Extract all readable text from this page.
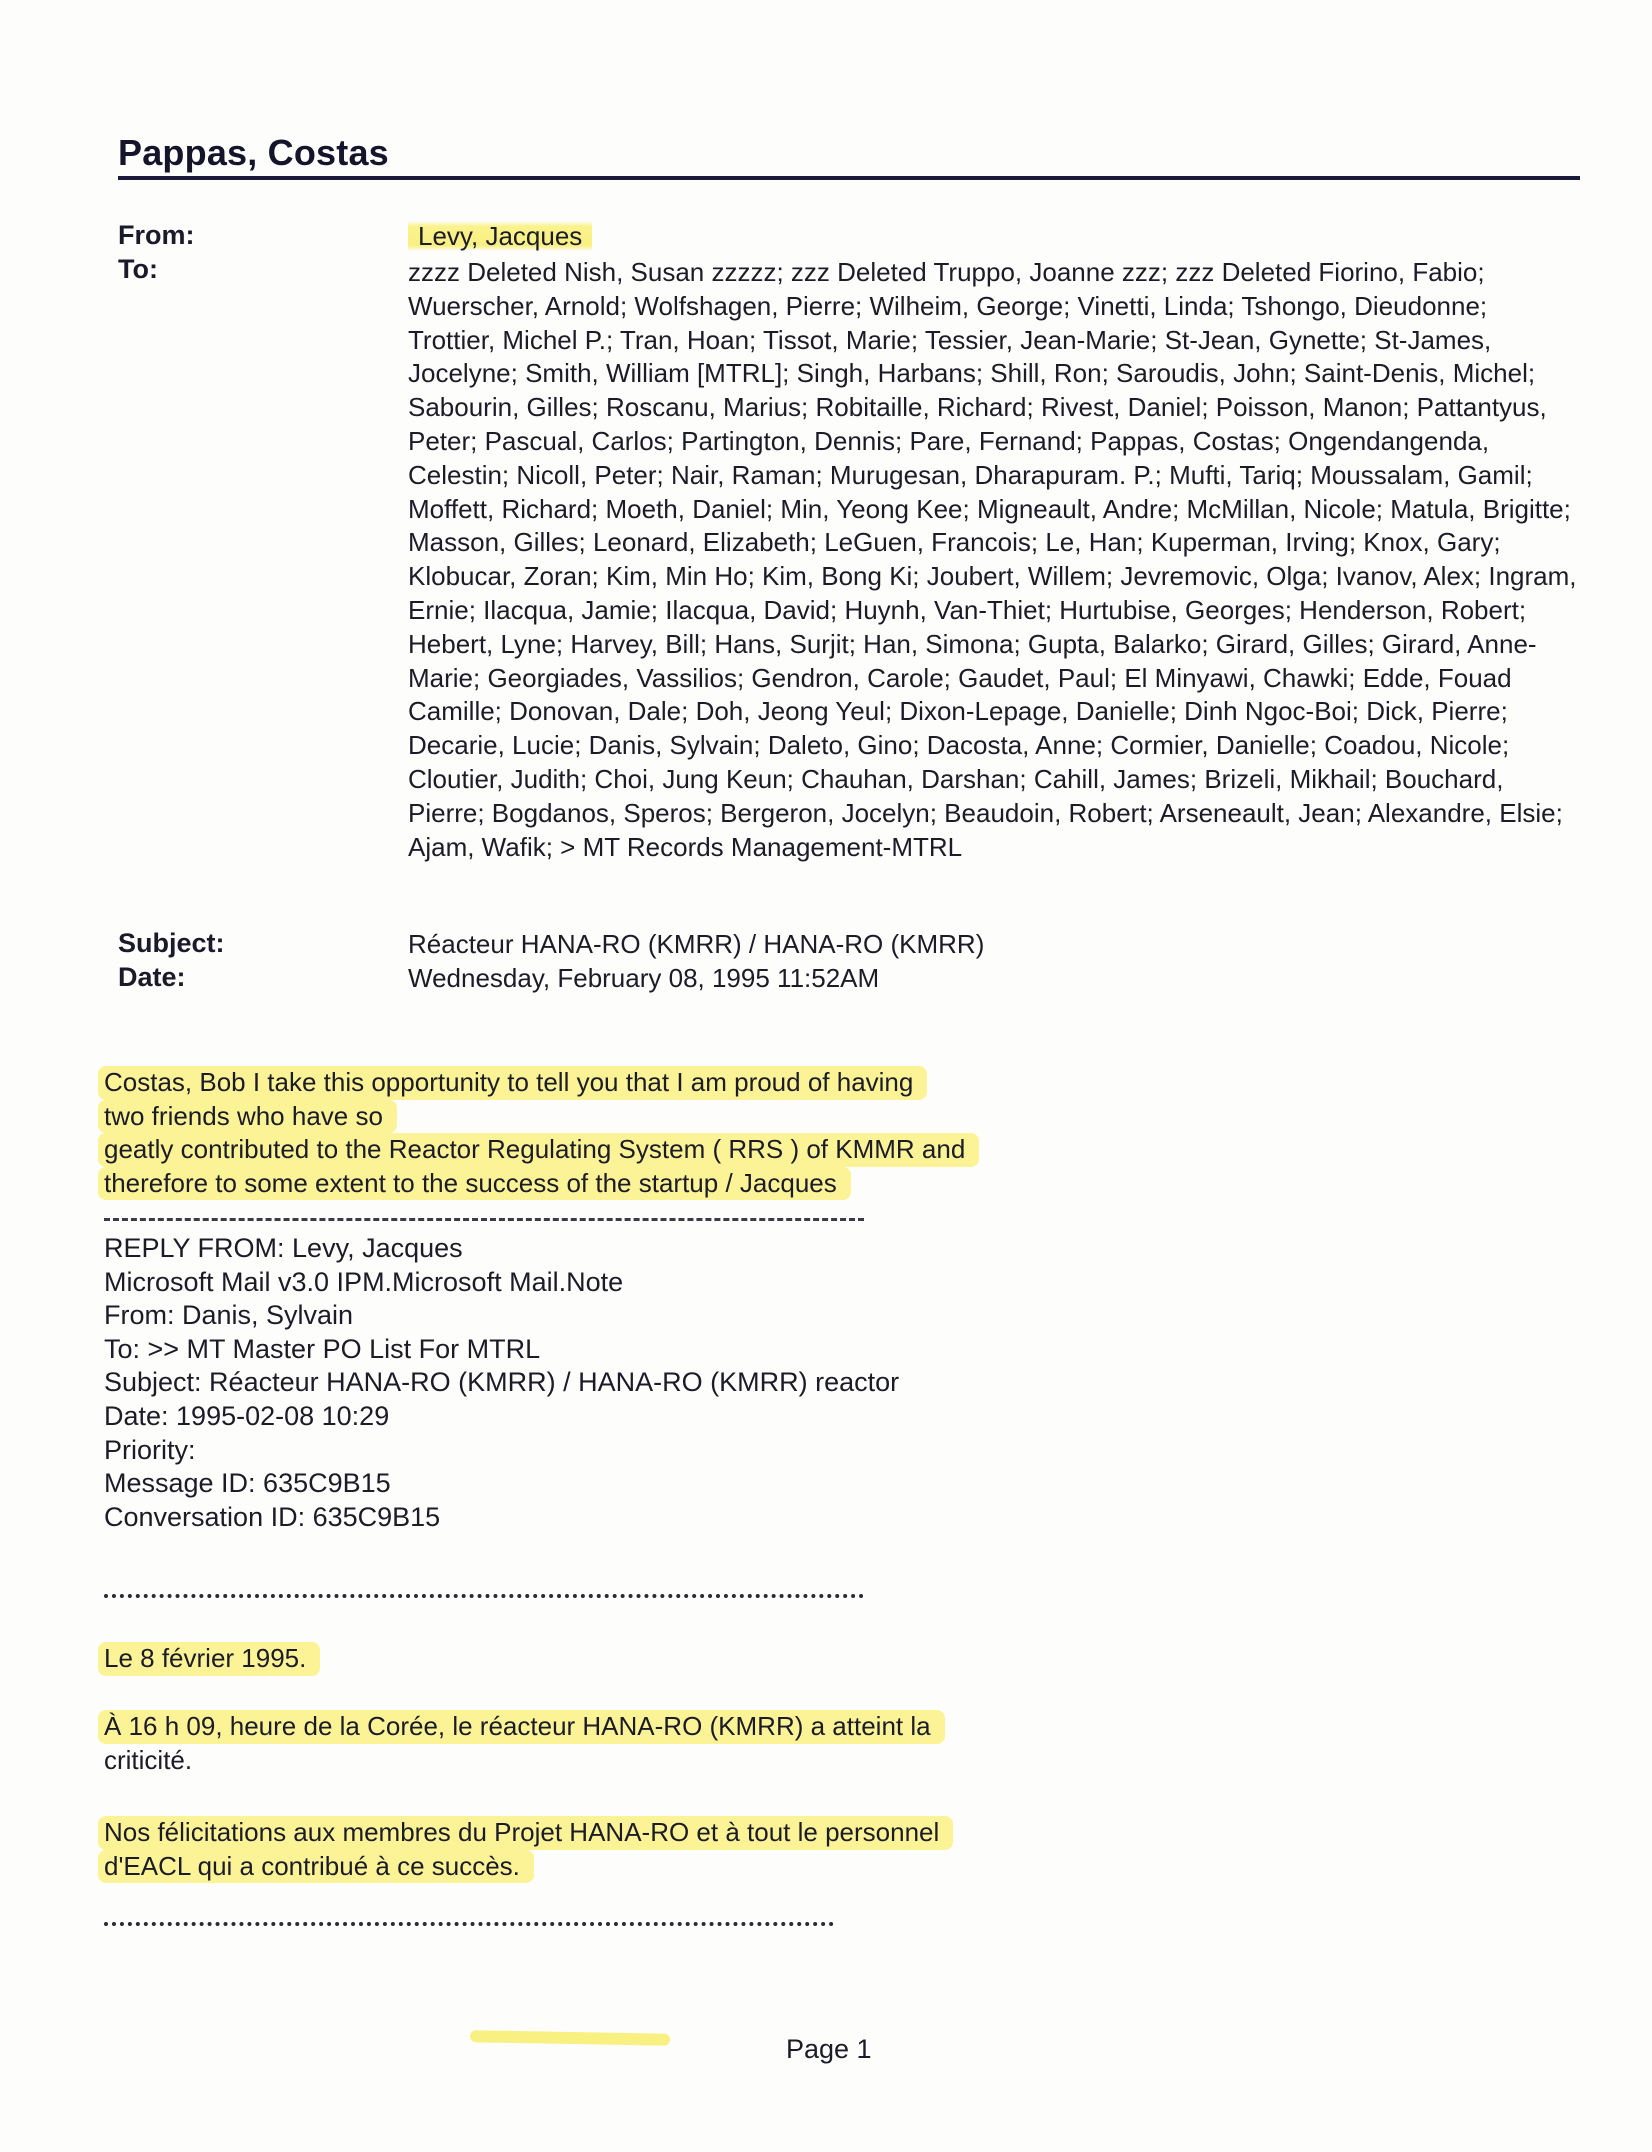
Pappas, Costas
From:	Levy, Jacques
To:	zzzz Deleted Nish, Susan zzzzz; zzz Deleted Truppo, Joanne zzz; zzz Deleted Fiorino, Fabio; Wuerscher, Arnold; Wolfshagen, Pierre; Wilheim, George; Vinetti, Linda; Tshongo, Dieudonne; Trottier, Michel P.; Tran, Hoan; Tissot, Marie; Tessier, Jean-Marie; St-Jean, Gynette; St-James, Jocelyne; Smith, William [MTRL]; Singh, Harbans; Shill, Ron; Saroudis, John; Saint-Denis, Michel; Sabourin, Gilles; Roscanu, Marius; Robitaille, Richard; Rivest, Daniel; Poisson, Manon; Pattantyus, Peter; Pascual, Carlos; Partington, Dennis; Pare, Fernand; Pappas, Costas; Ongendangenda, Celestin; Nicoll, Peter; Nair, Raman; Murugesan, Dharapuram. P.; Mufti, Tariq; Moussalam, Gamil; Moffett, Richard; Moeth, Daniel; Min, Yeong Kee; Migneault, Andre; McMillan, Nicole; Matula, Brigitte; Masson, Gilles; Leonard, Elizabeth; LeGuen, Francois; Le, Han; Kuperman, Irving; Knox, Gary; Klobucar, Zoran; Kim, Min Ho; Kim, Bong Ki; Joubert, Willem; Jevremovic, Olga; Ivanov, Alex; Ingram, Ernie; Ilacqua, Jamie; Ilacqua, David; Huynh, Van-Thiet; Hurtubise, Georges; Henderson, Robert; Hebert, Lyne; Harvey, Bill; Hans, Surjit; Han, Simona; Gupta, Balarko; Girard, Gilles; Girard, Anne-Marie; Georgiades, Vassilios; Gendron, Carole; Gaudet, Paul; El Minyawi, Chawki; Edde, Fouad Camille; Donovan, Dale; Doh, Jeong Yeul; Dixon-Lepage, Danielle; Dinh Ngoc-Boi; Dick, Pierre; Decarie, Lucie; Danis, Sylvain; Daleto, Gino; Dacosta, Anne; Cormier, Danielle; Coadou, Nicole; Cloutier, Judith; Choi, Jung Keun; Chauhan, Darshan; Cahill, James; Brizeli, Mikhail; Bouchard, Pierre; Bogdanos, Speros; Bergeron, Jocelyn; Beaudoin, Robert; Arseneault, Jean; Alexandre, Elsie; Ajam, Wafik; > MT Records Management-MTRL
Subject:	Réacteur HANA-RO (KMRR) / HANA-RO (KMRR)
Date:	Wednesday, February 08, 1995 11:52AM
Costas, Bob I take this opportunity to tell you that I am proud of having
two friends who have so
geatly contributed to the Reactor Regulating System ( RRS ) of KMMR and
therefore to some extent to the success of the startup / Jacques
REPLY FROM: Levy, Jacques
Microsoft Mail v3.0 IPM.Microsoft Mail.Note
From: Danis, Sylvain
To: >> MT Master PO List For MTRL
Subject: Réacteur HANA-RO (KMRR) / HANA-RO (KMRR) reactor
Date: 1995-02-08 10:29
Priority:
Message ID: 635C9B15
Conversation ID: 635C9B15
Le 8 février 1995.
À 16 h 09, heure de la Corée, le réacteur HANA-RO (KMRR) a atteint la
criticité.
Nos félicitations aux membres du Projet HANA-RO et à tout le personnel
d'EACL qui a contribué à ce succès.
Page 1
